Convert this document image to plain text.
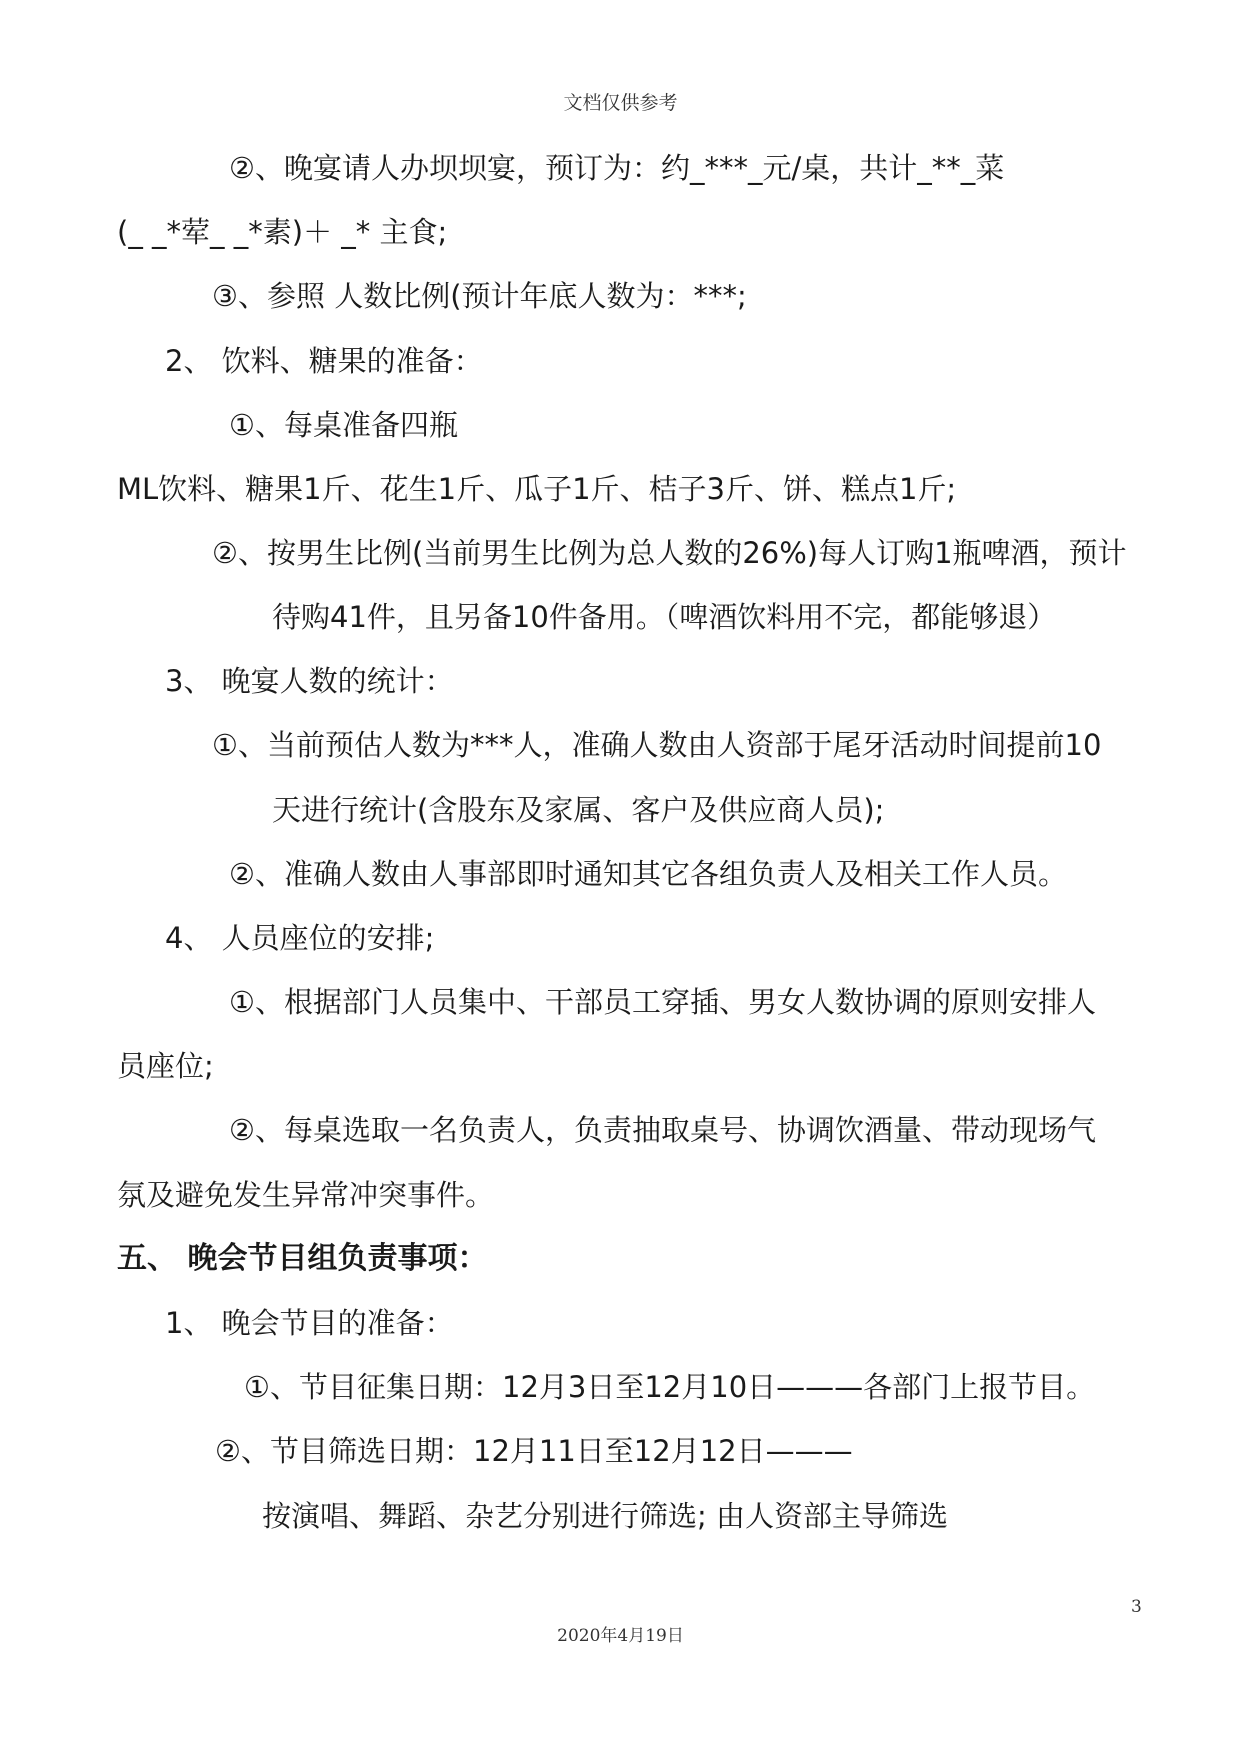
文档仅供参考
②、晚宴请人办坝坝宴，预订为：约_***_元/桌，共计_**_菜
(_ _*荤_ _*素)＋ _* 主食;
③、参照 人数比例(预计年底人数为：***;
2、 饮料、糖果的准备：
①、每桌准备四瓶
ML饮料、糖果1斤、花生1斤、瓜子1斤、桔子3斤、饼、糕点1斤;
②、按男生比例(当前男生比例为总人数的26%)每人订购1瓶啤酒，预计
待购41件，且另备10件备用。（啤酒饮料用不完，都能够退）
3、 晚宴人数的统计：
①、当前预估人数为***人，准确人数由人资部于尾牙活动时间提前10
天进行统计(含股东及家属、客户及供应商人员);
②、准确人数由人事部即时通知其它各组负责人及相关工作人员。
4、 人员座位的安排;
①、根据部门人员集中、干部员工穿插、男女人数协调的原则安排人
员座位;
②、每桌选取一名负责人，负责抽取桌号、协调饮酒量、带动现场气
氛及避免发生异常冲突事件。
五、 晚会节目组负责事项：
1、 晚会节目的准备：
①、节目征集日期：12月3日至12月10日———各部门上报节目。
②、节目筛选日期：12月11日至12月12日———
按演唱、舞蹈、杂艺分别进行筛选; 由人资部主导筛选
3
2020年4月19日
